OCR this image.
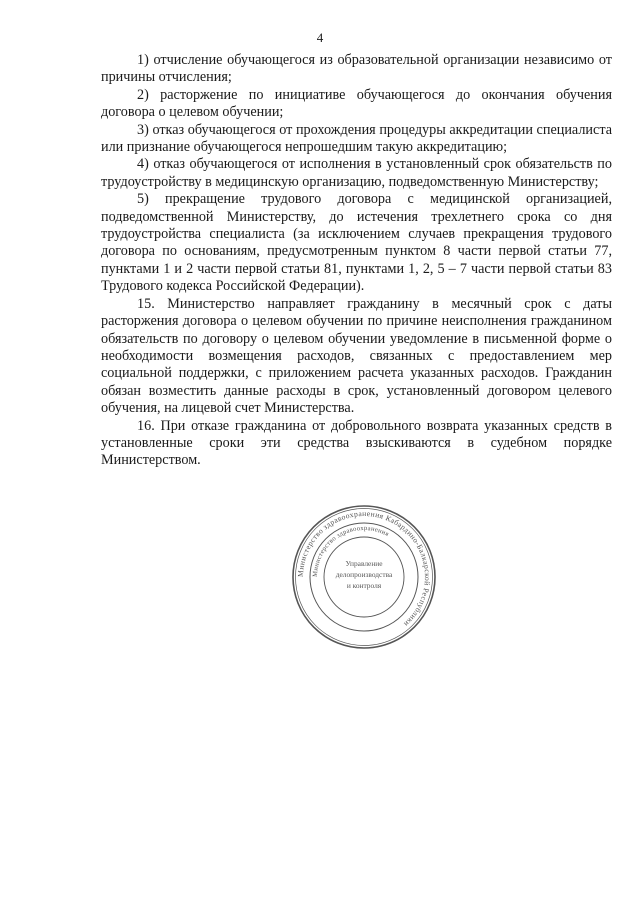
4

1) отчисление обучающегося из образовательной организации независимо от причины отчисления;

2) расторжение по инициативе обучающегося до окончания обучения договора о целевом обучении;

3) отказ обучающегося от прохождения процедуры аккредитации специалиста или признание обучающегося непрошедшим такую аккредитацию;

4) отказ обучающегося от исполнения в установленный срок обязательств по трудоустройству в медицинскую организацию, подведомственную Министерству;

5) прекращение трудового договора с медицинской организацией, подведомственной Министерству, до истечения трехлетнего срока со дня трудоустройства специалиста (за исключением случаев прекращения трудового договора по основаниям, предусмотренным пунктом 8 части первой статьи 77, пунктами 1 и 2 части первой статьи 81, пунктами 1, 2, 5 – 7 части первой статьи 83 Трудового кодекса Российской Федерации).

15. Министерство направляет гражданину в месячный срок с даты расторжения договора о целевом обучении по причине неисполнения гражданином обязательств по договору о целевом обучении уведомление в письменной форме о необходимости возмещения расходов, связанных с предоставлением мер социальной поддержки, с приложением расчета указанных расходов. Гражданин обязан возместить данные расходы в срок, установленный договором целевого обучения, на лицевой счет Министерства.

16. При отказе гражданина от добровольного возврата указанных средств в установленные сроки эти средства взыскиваются в судебном порядке Министерством.

Министерство здравоохранения Кабардино-Балкарской Республики
Министерство здравоохранения
Управление
делопроизводства
и контроля
